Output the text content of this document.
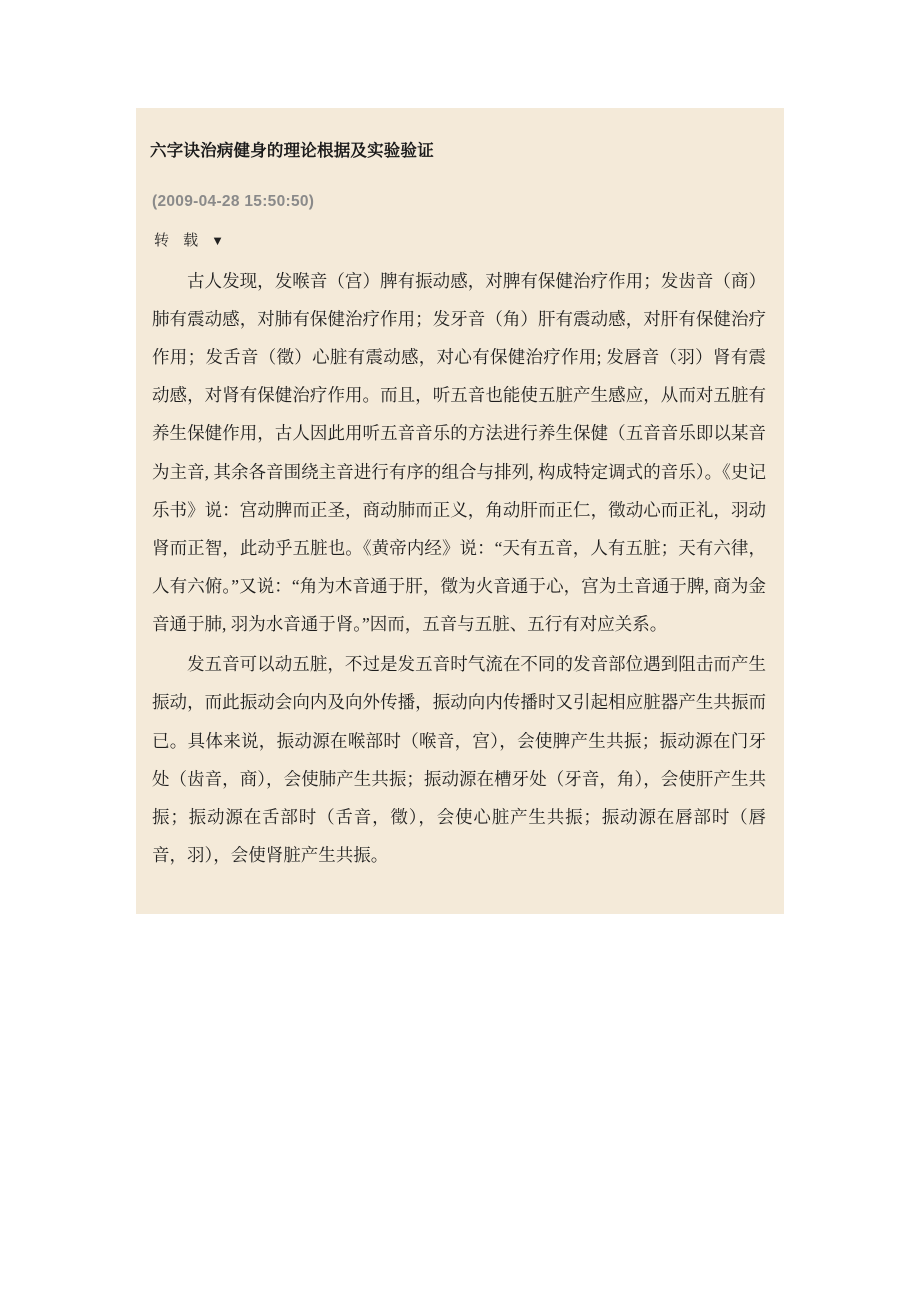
六字诀治病健身的理论根据及实验验证
(2009-04-28 15:50:50)
转 载 ▼

古人发现，发喉音（宫）脾有振动感，对脾有保健治疗作用；发齿音（商）肺有震动感，对肺有保健治疗作用；发牙音（角）肝有震动感，对肝有保健治疗作用；发舌音（徵）心脏有震动感，对心有保健治疗作用; 发唇音（羽）肾有震动感，对肾有保健治疗作用。而且，听五音也能使五脏产生感应，从而对五脏有养生保健作用，古人因此用听五音音乐的方法进行养生保健（五音音乐即以某音为主音, 其余各音围绕主音进行有序的组合与排列, 构成特定调式的音乐）。《史记乐书》说：宫动脾而正圣，商动肺而正义，角动肝而正仁，徵动心而正礼，羽动肾而正智，此动乎五脏也。《黄帝内经》说：“天有五音，人有五脏；天有六律，人有六俯。”又说：“角为木音通于肝，徵为火音通于心，宫为土音通于脾, 商为金音通于肺, 羽为水音通于肾。”因而，五音与五脏、五行有对应关系。

发五音可以动五脏，不过是发五音时气流在不同的发音部位遇到阻击而产生振动，而此振动会向内及向外传播，振动向内传播时又引起相应脏器产生共振而已。具体来说，振动源在喉部时（喉音，宫），会使脾产生共振；振动源在门牙处（齿音，商），会使肺产生共振；振动源在槽牙处（牙音，角），会使肝产生共振；振动源在舌部时（舌音，徵），会使心脏产生共振；振动源在唇部时（唇音，羽），会使肾脏产生共振。
